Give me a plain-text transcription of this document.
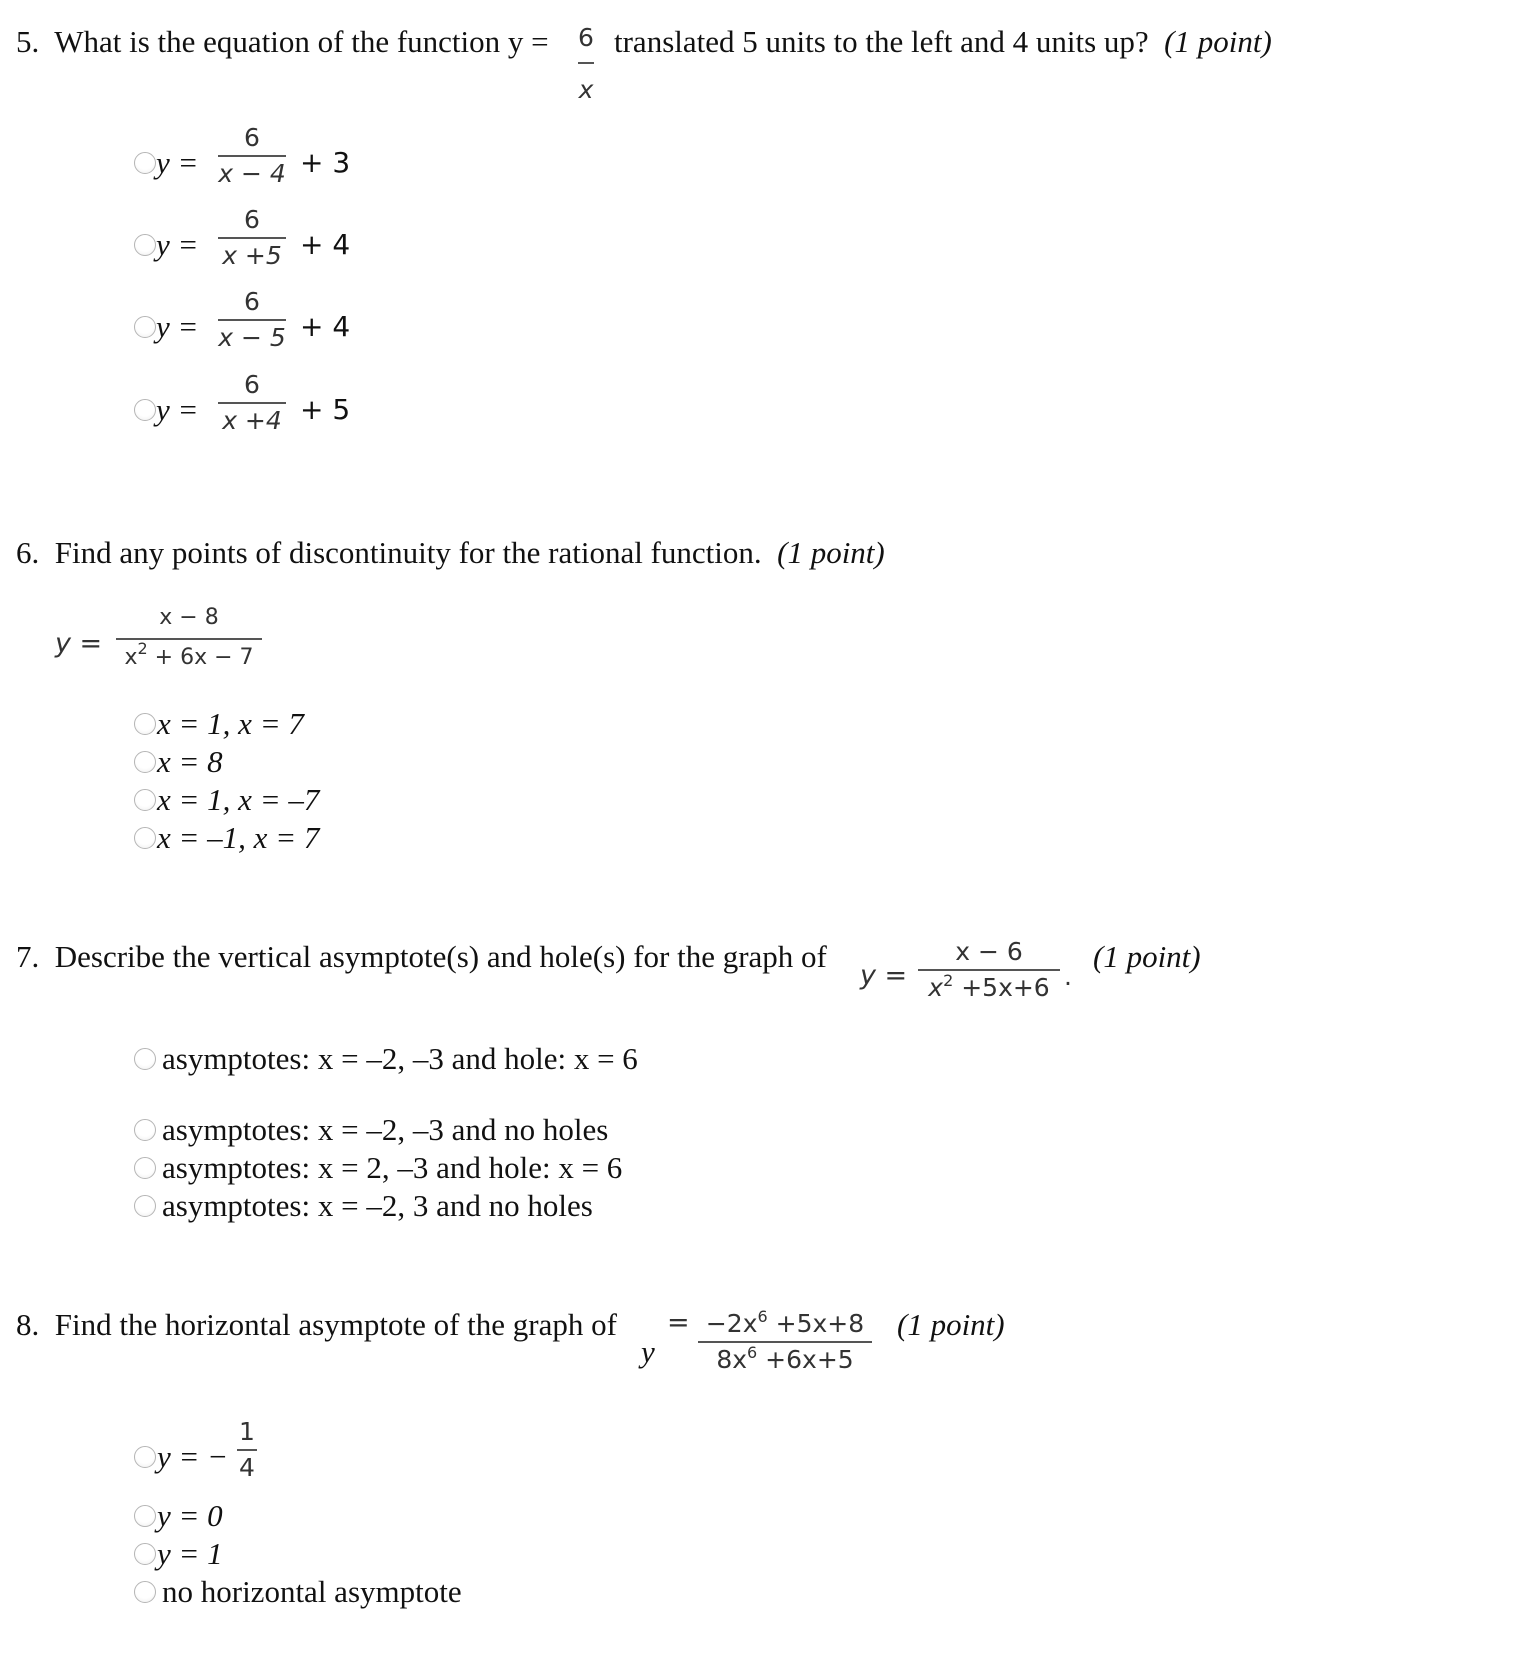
5. What is the equation of the function y = 6
x
translated 5 units to the left and 4 units up? (1 point)
y =
6
x − 4 + 3
y =
6
x +5 + 4
y =
6
x − 5 + 4
y =
6
x +4 + 5
6. Find any points of discontinuity for the rational function. (1 point)
y =
x − 8
$x^2 + 6x - 7$
x = 1, x = 7
x = 8
x = 1, x = –7
x = –1, x = 7
7. Describe the vertical asymptote(s) and hole(s) for the graph of
y =
x − 6
$x^2 +5x+6$ .
(1 point)
asymptotes: x = –2, –3 and hole: x = 6
asymptotes: x = –2, –3 and no holes
asymptotes: x = 2, –3 and hole: x = 6
asymptotes: x = –2, 3 and no holes
8. Find the horizontal asymptote of the graph of =
y
$-2x^6 +5x+8$
$8x^6 +6x+5$
(1 point)
y = −
1
4
y = 0
y = 1
no horizontal asymptote
